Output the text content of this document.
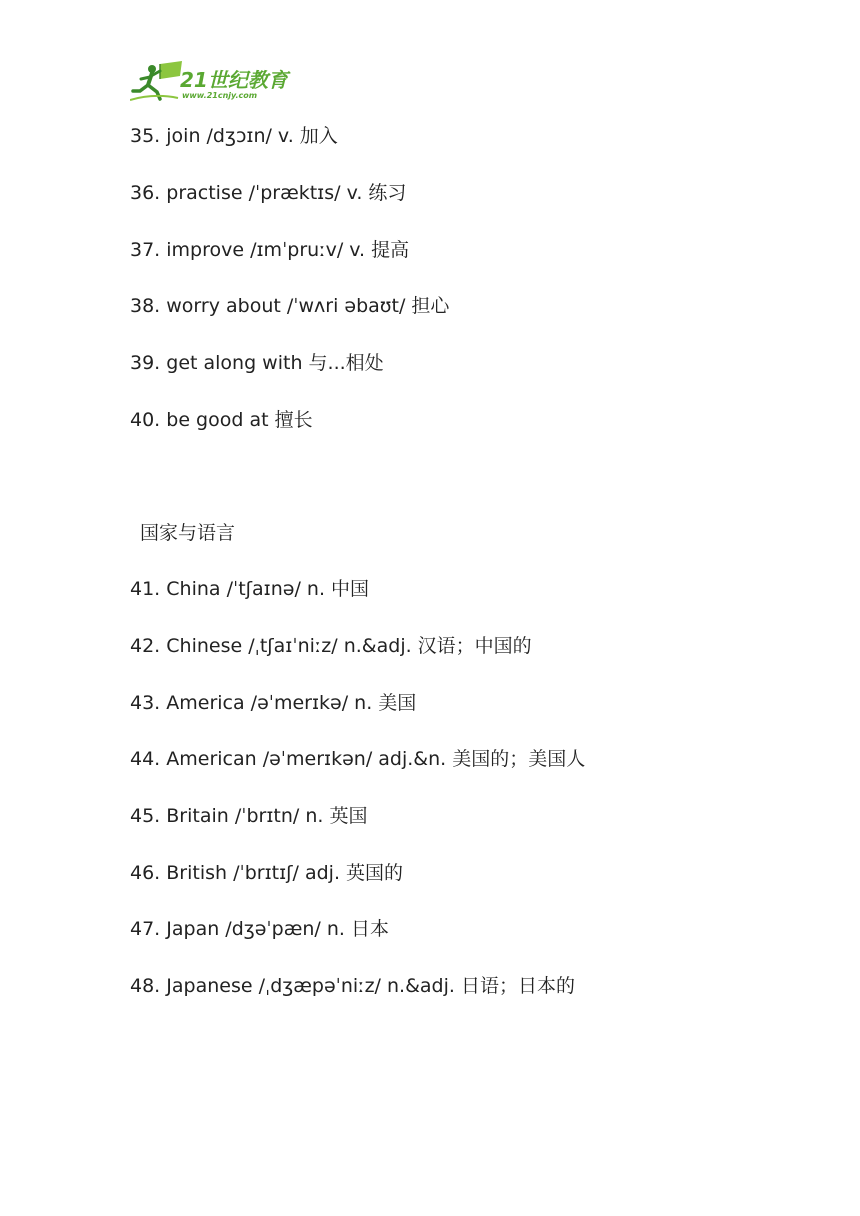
21世纪教育
www.21cnjy.com
35. join /dʒɔɪn/ v. 加入
36. practise /ˈpræktɪs/ v. 练习
37. improve /ɪmˈpruːv/ v. 提高
38. worry about /ˈwʌri əbaʊt/ 担心
39. get along with 与...相处
40. be good at 擅长
国家与语言
41. China /ˈtʃaɪnə/ n. 中国
42. Chinese /ˌtʃaɪˈniːz/ n.&adj. 汉语；中国的
43. America /əˈmerɪkə/ n. 美国
44. American /əˈmerɪkən/ adj.&n. 美国的；美国人
45. Britain /ˈbrɪtn/ n. 英国
46. British /ˈbrɪtɪʃ/ adj. 英国的
47. Japan /dʒəˈpæn/ n. 日本
48. Japanese /ˌdʒæpəˈniːz/ n.&adj. 日语；日本的
